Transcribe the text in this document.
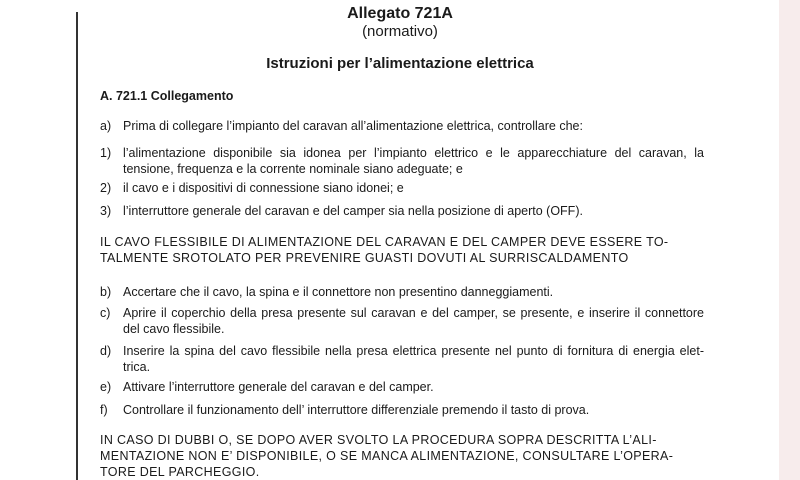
Allegato 721A
(normativo)
Istruzioni per l’alimentazione elettrica
A. 721.1 Collegamento
a) Prima di collegare l’impianto del caravan all’alimentazione elettrica, controllare che:
1) l’alimentazione disponibile sia idonea per l’impianto elettrico e le apparecchiature del caravan, la tensione, frequenza e la corrente nominale siano adeguate; e
2) il cavo e i dispositivi di connessione siano idonei; e
3) l’interruttore generale del caravan e del camper sia nella posizione di aperto (OFF).
IL CAVO FLESSIBILE DI ALIMENTAZIONE DEL CARAVAN E DEL CAMPER DEVE ESSERE TO-
TALMENTE SROTOLATO PER PREVENIRE GUASTI DOVUTI AL SURRISCALDAMENTO
b) Accertare che il cavo, la spina e il connettore non presentino danneggiamenti.
c) Aprire il coperchio della presa presente sul caravan e del camper, se presente, e inserire il connettore del cavo flessibile.
d) Inserire la spina del cavo flessibile nella presa elettrica presente nel punto di fornitura di energia elet-trica.
e) Attivare l’interruttore generale del caravan e del camper.
f) Controllare il funzionamento dell’ interruttore differenziale premendo il tasto di prova.
IN CASO DI DUBBI O, SE DOPO AVER SVOLTO LA PROCEDURA SOPRA DESCRITTA L’ALI-
MENTAZIONE NON E’ DISPONIBILE, O SE MANCA ALIMENTAZIONE, CONSULTARE L’OPERA-
TORE DEL PARCHEGGIO.
